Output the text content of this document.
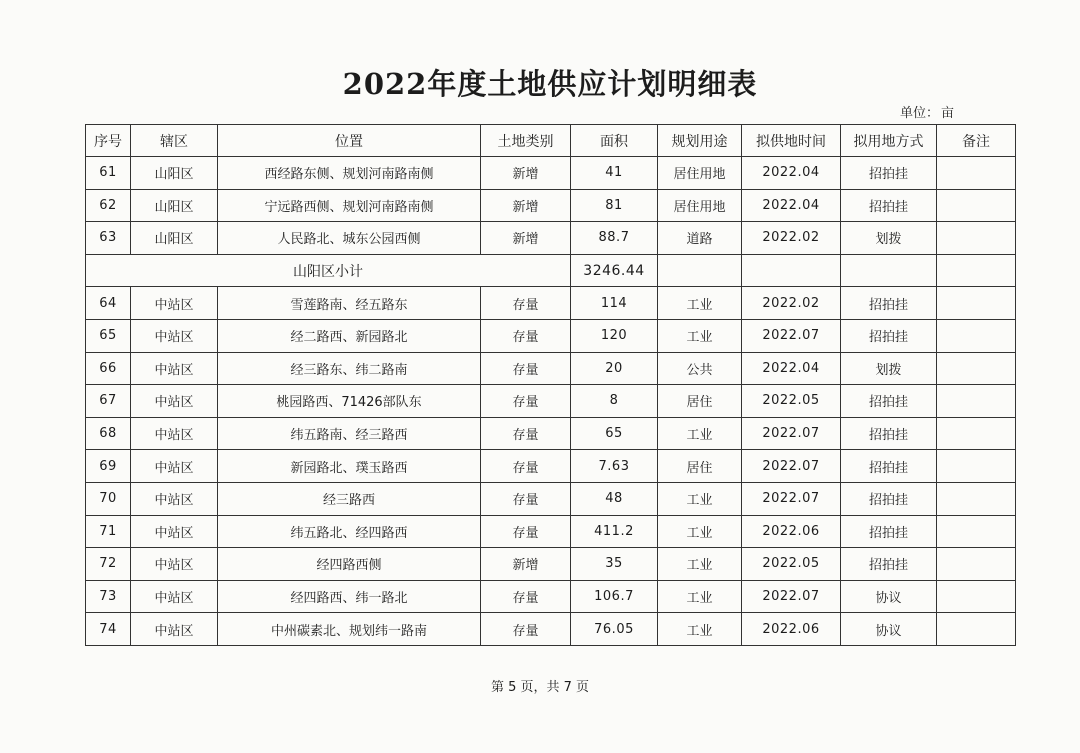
2022年度土地供应计划明细表
单位： 亩
序号	辖区	位置	土地类别	面积	规划用途	拟供地时间	拟用地方式	备注
61	山阳区	西经路东侧、规划河南路南侧	新增	41	居住用地	2022.04	招拍挂	
62	山阳区	宁远路西侧、规划河南路南侧	新增	81	居住用地	2022.04	招拍挂	
63	山阳区	人民路北、城东公园西侧	新增	88.7	道路	2022.02	划拨	
山阳区小计				3246.44				
64	中站区	雪莲路南、经五路东	存量	114	工业	2022.02	招拍挂	
65	中站区	经二路西、新园路北	存量	120	工业	2022.07	招拍挂	
66	中站区	经三路东、纬二路南	存量	20	公共	2022.04	划拨	
67	中站区	桃园路西、71426部队东	存量	8	居住	2022.05	招拍挂	
68	中站区	纬五路南、经三路西	存量	65	工业	2022.07	招拍挂	
69	中站区	新园路北、璞玉路西	存量	7.63	居住	2022.07	招拍挂	
70	中站区	经三路西	存量	48	工业	2022.07	招拍挂	
71	中站区	纬五路北、经四路西	存量	411.2	工业	2022.06	招拍挂	
72	中站区	经四路西侧	新增	35	工业	2022.05	招拍挂	
73	中站区	经四路西、纬一路北	存量	106.7	工业	2022.07	协议	
74	中站区	中州碳素北、规划纬一路南	存量	76.05	工业	2022.06	协议	
第 5 页，共 7 页
